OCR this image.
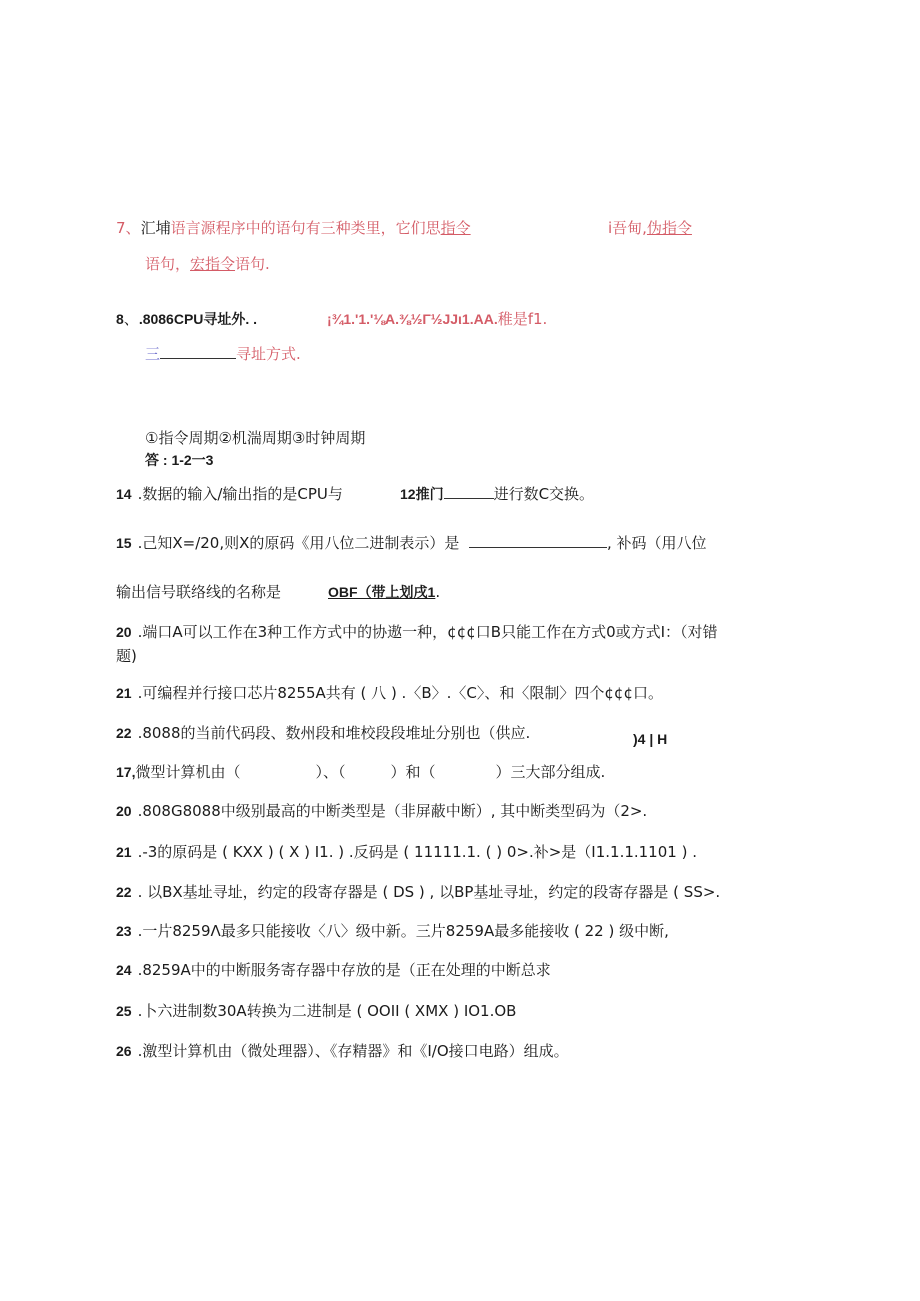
7、汇埔语言源程序中的语句有三种类里，它们思指令	i吾甸,伪指令
语句，宏指令语句.
8、.8086CPU寻址外. .	¡¾1.'1.'⅛A.⅜½Γ½JJι1.AA.稚是f1.
三	寻址方式.
①指令周期②机湍周期③时钟周期
答 : 1-2一3
14 .数据的输入/输出指的是CPU与	12推门	进行数C交换。
15 .己知X=/20,则X的原码《用八位二进制表示）是	, 补码（用八位
输出信号联络线的名称是	OBF（带上划戌1.
20 .端口A可以工作在3种工作方式中的协遨一种，¢¢¢口B只能工作在方式0或方式I：（对错
题)
21 .可编程并行接口芯片8255A共有 ( 八 ) .〈B〉.〈C〉、和〈限制〉四个¢¢¢口。
22 .8088的当前代码段、数州段和堆校段段堆址分别也（供应.	)4 | H
17,微型计算机由（　　　　　）、（　　　）和（　　　　）三大部分组成.
20 .808G8088中级别最高的中断类型是（非屏蔽中断）, 其中断类型码为（2>.
21 .-3的原码是 ( KXX ) ( X ) I1. ) .反码是 ( 11111.1. ( ) 0>.补>是（I1.1.1.1101 ) .
22 . 以BX基址寻址，约定的段寄存器是 ( DS ) , 以BP基址寻址，约定的段寄存器是 ( SS>.
23 .一片8259Λ最多只能接收〈八〉级中新。三片8259A最多能接收 ( 22 ) 级中断,
24 .8259A中的中断服务寄存器中存放的是（正在处理的中断总求
25 .卜六进制数30A转换为二进制是 ( OOII ( XMX ) IO1.OB
26 .激型计算机由（微处理器）、《存精器》和《I/O接口电路）组成。
